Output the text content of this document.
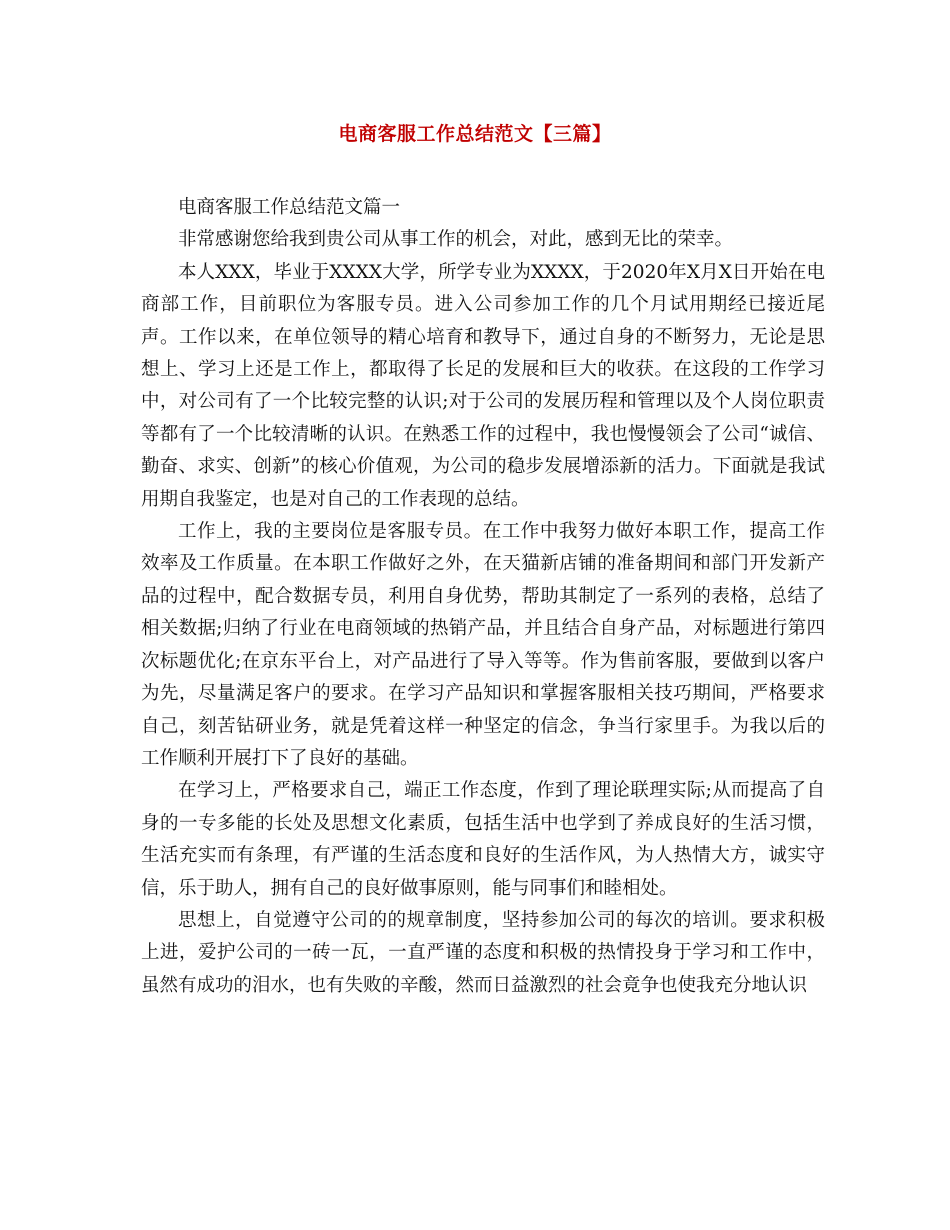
电商客服工作总结范文【三篇】

电商客服工作总结范文篇一

非常感谢您给我到贵公司从事工作的机会，对此，感到无比的荣幸。

本人XXX，毕业于XXXX大学，所学专业为XXXX，于2020年X月X日开始在电商部工作，目前职位为客服专员。进入公司参加工作的几个月试用期经已接近尾声。工作以来，在单位领导的精心培育和教导下，通过自身的不断努力，无论是思想上、学习上还是工作上，都取得了长足的发展和巨大的收获。在这段的工作学习中，对公司有了一个比较完整的认识;对于公司的发展历程和管理以及个人岗位职责等都有了一个比较清晰的认识。在熟悉工作的过程中，我也慢慢领会了公司“诚信、勤奋、求实、创新”的核心价值观，为公司的稳步发展增添新的活力。下面就是我试用期自我鉴定，也是对自己的工作表现的总结。

工作上，我的主要岗位是客服专员。在工作中我努力做好本职工作，提高工作效率及工作质量。在本职工作做好之外，在天猫新店铺的准备期间和部门开发新产品的过程中，配合数据专员，利用自身优势，帮助其制定了一系列的表格，总结了相关数据;归纳了行业在电商领域的热销产品，并且结合自身产品，对标题进行第四次标题优化;在京东平台上，对产品进行了导入等等。作为售前客服，要做到以客户为先，尽量满足客户的要求。在学习产品知识和掌握客服相关技巧期间，严格要求自己，刻苦钻研业务，就是凭着这样一种坚定的信念，争当行家里手。为我以后的工作顺利开展打下了良好的基础。

在学习上，严格要求自己，端正工作态度，作到了理论联理实际;从而提高了自身的一专多能的长处及思想文化素质，包括生活中也学到了养成良好的生活习惯，生活充实而有条理，有严谨的生活态度和良好的生活作风，为人热情大方，诚实守信，乐于助人，拥有自己的良好做事原则，能与同事们和睦相处。

思想上，自觉遵守公司的的规章制度，坚持参加公司的每次的培训。要求积极上进，爱护公司的一砖一瓦，一直严谨的态度和积极的热情投身于学习和工作中，虽然有成功的泪水，也有失败的辛酸，然而日益激烈的社会竟争也使我充分地认识
